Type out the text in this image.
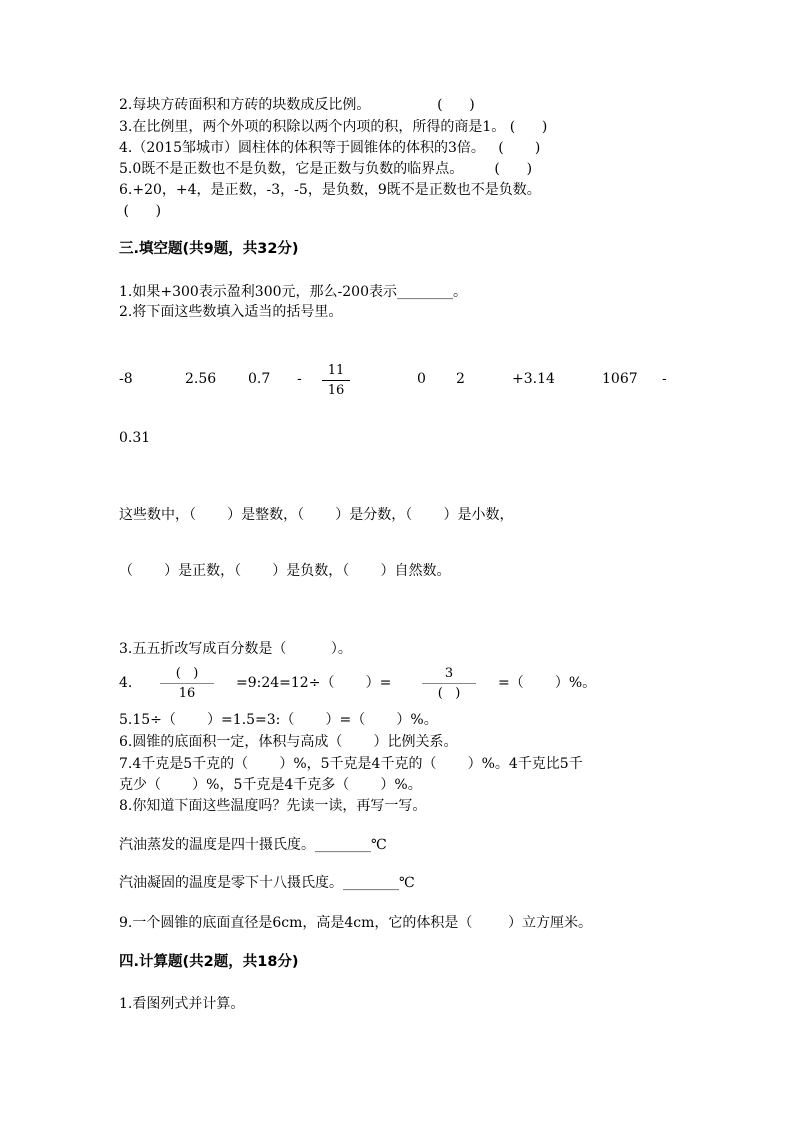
2.每块方砖面积和方砖的块数成反比例。               (      )
3.在比例里，两个外项的积除以两个内项的积，所得的商是1。 (      )
4.（2015邹城市）圆柱体的体积等于圆锥体的体积的3倍。   (       )
5.0既不是正数也不是负数，它是正数与负数的临界点。       (      )
6.+20，+4，是正数，-3，-5，是负数，9既不是正数也不是负数。
(      )
三.填空题(共9题，共32分)
1.如果+300表示盈利300元，那么-200表示________。
2.将下面这些数填入适当的括号里。
-8	2.56 0.7 -
11
16
0 2	+3.14	1067 -
0.31
这些数中，（       ）是整数，（       ）是分数，（       ）是小数，
（       ）是正数，（       ）是负数，（       ）自然数。
3.五五折改写成百分数是（          ）。
4.
(   )
16
=9:24=12÷（       ）=
3
(   )
=（       ）%。
5.15÷（       ）=1.5=3:（       ）=（       ）%。
6.圆锥的底面积一定，体积与高成（       ）比例关系。
7.4千克是5千克的（       ）%，5千克是4千克的（       ）%。4千克比5千
克少（       ）%，5千克是4千克多（       ）%。
8.你知道下面这些温度吗？先读一读，再写一写。
汽油蒸发的温度是四十摄氏度。________℃
汽油凝固的温度是零下十八摄氏度。________℃
9.一个圆锥的底面直径是6cm，高是4cm，它的体积是（        ）立方厘米。
四.计算题(共2题，共18分)
1.看图列式并计算。
